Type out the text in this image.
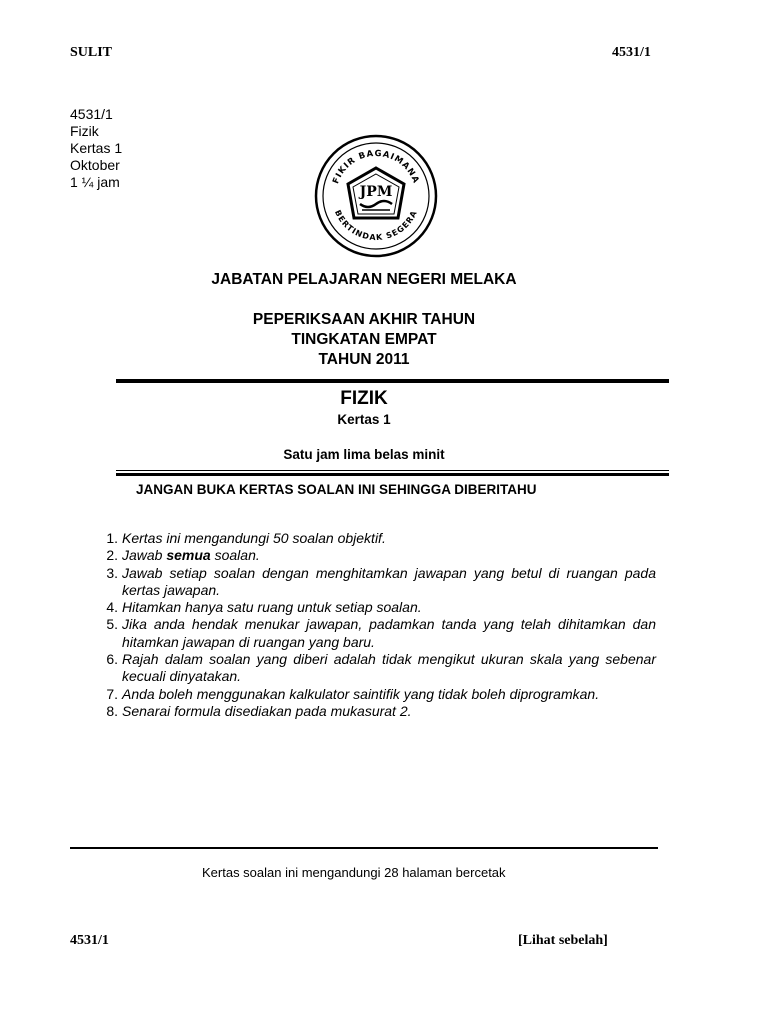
SULIT	4531/1
4531/1
Fizik
Kertas 1
Oktober
1 ¼ jam	FIKIR BAGAIMANA
BERTINDAK SEGERA
JPM
JABATAN PELAJARAN NEGERI MELAKA
PEPERIKSAAN AKHIR TAHUN
TINGKATAN EMPAT
TAHUN 2011
FIZIK
Kertas 1
Satu jam lima belas minit
JANGAN BUKA KERTAS SOALAN INI SEHINGGA DIBERITAHU
1. Kertas ini mengandungi 50 soalan objektif.
2. Jawab semua soalan.
3. Jawab setiap soalan dengan menghitamkan jawapan yang betul di ruangan pada kertas jawapan.
4. Hitamkan hanya satu ruang untuk setiap soalan.
5. Jika anda hendak menukar jawapan, padamkan tanda yang telah dihitamkan dan hitamkan jawapan di ruangan yang baru.
6. Rajah dalam soalan yang diberi adalah tidak mengikut ukuran skala yang sebenar kecuali dinyatakan.
7. Anda boleh menggunakan kalkulator saintifik yang tidak boleh diprogramkan.
8. Senarai formula disediakan pada mukasurat 2.
Kertas soalan ini mengandungi 28 halaman bercetak
4531/1	[Lihat sebelah]
